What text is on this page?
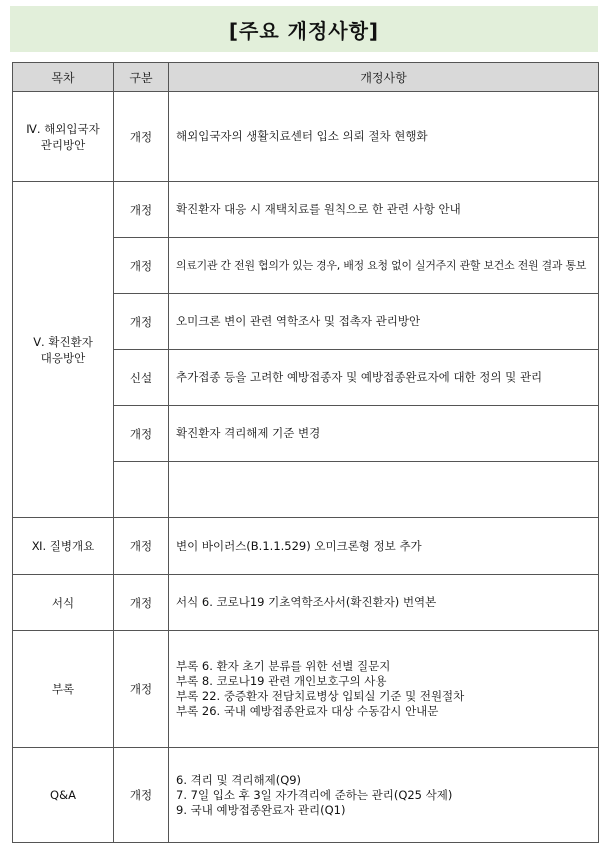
[주요 개정사항]
목차	구분	개정사항

Ⅳ. 해외입국자
관리방안	개정	해외입국자의 생활치료센터 입소 의뢰 절차 현행화

Ⅴ. 확진환자
대응방안	개정	확진환자 대응 시 재택치료를 원칙으로 한 관련 사항 안내
	개정	의료기관 간 전원 협의가 있는 경우, 배정 요청 없이 실거주지 관할 보건소 전원 결과 통보
	개정	오미크론 변이 관련 역학조사 및 접촉자 관리방안
	신설	추가접종 등을 고려한 예방접종자 및 예방접종완료자에 대한 정의 및 관리
	개정	확진환자 격리해제 기준 변경

Ⅺ. 질병개요	개정	변이 바이러스(B.1.1.529) 오미크론형 정보 추가

서식	개정	서식 6. 코로나19 기초역학조사서(확진환자) 번역본

부록	개정	부록 6. 환자 초기 분류를 위한 선별 질문지
부록 8. 코로나19 관련 개인보호구의 사용
부록 22. 중증환자 전담치료병상 입퇴실 기준 및 전원절차
부록 26. 국내 예방접종완료자 대상 수동감시 안내문

Q&A	개정	6. 격리 및 격리해제(Q9)
7. 7일 입소 후 3일 자가격리에 준하는 관리(Q25 삭제)
9. 국내 예방접종완료자 관리(Q1)
